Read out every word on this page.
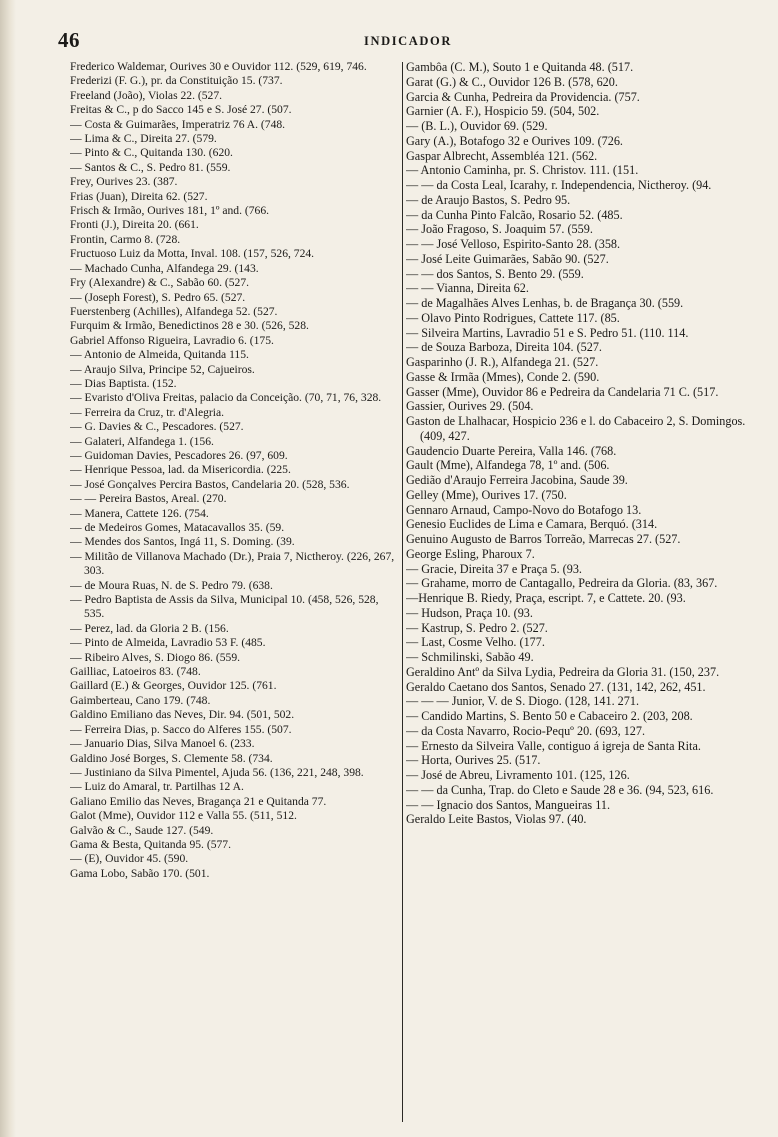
46	INDICADOR

Frederico Waldemar, Ourives 30 e Ouvidor 112. (529, 619, 746.

Frederizi (F. G.), pr. da Constituição 15. (737.

Freeland (João), Violas 22. (527.

Freitas & C., p do Sacco 145 e S. José 27. (507.

— Costa & Guimarães, Imperatriz 76 A. (748.

— Lima & C., Direita 27. (579.

— Pinto & C., Quitanda 130. (620.

— Santos & C., S. Pedro 81. (559.

Frey, Ourives 23. (387.

Frias (Juan), Direita 62. (527.

Frisch & Irmão, Ourives 181, 1º and. (766.

Fronti (J.), Direita 20. (661.

Frontin, Carmo 8. (728.

Fructuoso Luiz da Motta, Inval. 108. (157, 526, 724.

— Machado Cunha, Alfandega 29. (143.

Fry (Alexandre) & C., Sabão 60. (527.

— (Joseph Forest), S. Pedro 65. (527.

Fuerstenberg (Achilles), Alfandega 52. (527.

Furquim & Irmão, Benedictinos 28 e 30. (526, 528.

Gabriel Affonso Rigueira, Lavradio 6. (175.

— Antonio de Almeida, Quitanda 115.

— Araujo Silva, Principe 52, Cajueiros.

— Dias Baptista. (152.

— Evaristo d'Oliva Freitas, palacio da Conceição. (70, 71, 76, 328.

— Ferreira da Cruz, tr. d'Alegria.

— G. Davies & C., Pescadores. (527.

— Galateri, Alfandega 1. (156.

— Guidoman Davies, Pescadores 26. (97, 609.

— Henrique Pessoa, lad. da Misericordia. (225.

— José Gonçalves Percira Bastos, Candelaria 20. (528, 536.

— — Pereira Bastos, Areal. (270.

— Manera, Cattete 126. (754.

— de Medeiros Gomes, Matacavallos 35. (59.

— Mendes dos Santos, Ingá 11, S. Doming. (39.

— Militão de Villanova Machado (Dr.), Praia 7, Nictheroy. (226, 267, 303.

— de Moura Ruas, N. de S. Pedro 79. (638.

— Pedro Baptista de Assis da Silva, Municipal 10. (458, 526, 528, 535.

— Perez, lad. da Gloria 2 B. (156.

— Pinto de Almeida, Lavradio 53 F. (485.

— Ribeiro Alves, S. Diogo 86. (559.

Gailliac, Latoeiros 83. (748.

Gaillard (E.) & Georges, Ouvidor 125. (761.

Gaimberteau, Cano 179. (748.

Galdino Emiliano das Neves, Dir. 94. (501, 502.

— Ferreira Dias, p. Sacco do Alferes 155. (507.

— Januario Dias, Silva Manoel 6. (233.

Galdino José Borges, S. Clemente 58. (734.

— Justiniano da Silva Pimentel, Ajuda 56. (136, 221, 248, 398.

— Luiz do Amaral, tr. Partilhas 12 A.

Galiano Emilio das Neves, Bragança 21 e Quitanda 77.

Galot (Mme), Ouvidor 112 e Valla 55. (511, 512.

Galvão & C., Saude 127. (549.

Gama & Besta, Quitanda 95. (577.

— (E), Ouvidor 45. (590.

Gama Lobo, Sabão 170. (501.

Gambôa (C. M.), Souto 1 e Quitanda 48. (517.

Garat (G.) & C., Ouvidor 126 B. (578, 620.

Garcia & Cunha, Pedreira da Providencia. (757.

Garnier (A. F.), Hospicio 59. (504, 502.

— (B. L.), Ouvidor 69. (529.

Gary (A.), Botafogo 32 e Ourives 109. (726.

Gaspar Albrecht, Assembléa 121. (562.

— Antonio Caminha, pr. S. Christov. 111. (151.

— — da Costa Leal, Icarahy, r. Independencia, Nictheroy. (94.

— de Araujo Bastos, S. Pedro 95.

— da Cunha Pinto Falcão, Rosario 52. (485.

— João Fragoso, S. Joaquim 57. (559.

— — José Velloso, Espirito-Santo 28. (358.

— José Leite Guimarães, Sabão 90. (527.

— — dos Santos, S. Bento 29. (559.

— — Vianna, Direita 62.

— de Magalhães Alves Lenhas, b. de Bragança 30. (559.

— Olavo Pinto Rodrigues, Cattete 117. (85.

— Silveira Martins, Lavradio 51 e S. Pedro 51. (110. 114.

— de Souza Barboza, Direita 104. (527.

Gasparinho (J. R.), Alfandega 21. (527.

Gasse & Irmãa (Mmes), Conde 2. (590.

Gasser (Mme), Ouvidor 86 e Pedreira da Candelaria 71 C. (517.

Gassier, Ourives 29. (504.

Gaston de Lhalhacar, Hospicio 236 e l. do Cabaceiro 2, S. Domingos. (409, 427.

Gaudencio Duarte Pereira, Valla 146. (768.

Gault (Mme), Alfandega 78, 1º and. (506.

Gedião d'Araujo Ferreira Jacobina, Saude 39.

Gelley (Mme), Ourives 17. (750.

Gennaro Arnaud, Campo-Novo do Botafogo 13.

Genesio Euclides de Lima e Camara, Berquó. (314.

Genuino Augusto de Barros Torreão, Marrecas 27. (527.

George Esling, Pharoux 7.

— Gracie, Direita 37 e Praça 5. (93.

— Grahame, morro de Cantagallo, Pedreira da Gloria. (83, 367.

—Henrique B. Riedy, Praça, escript. 7, e Cattete. 20. (93.

— Hudson, Praça 10. (93.

— Kastrup, S. Pedro 2. (527.

— Last, Cosme Velho. (177.

— Schmilinski, Sabão 49.

Geraldino Antº da Silva Lydia, Pedreira da Gloria 31. (150, 237.

Geraldo Caetano dos Santos, Senado 27. (131, 142, 262, 451.

— — — Junior, V. de S. Diogo. (128, 141. 271.

— Candido Martins, S. Bento 50 e Cabaceiro 2. (203, 208.

— da Costa Navarro, Rocio-Pequº 20. (693, 127.

— Ernesto da Silveira Valle, contiguo á igreja de Santa Rita.

— Horta, Ourives 25. (517.

— José de Abreu, Livramento 101. (125, 126.

— — da Cunha, Trap. do Cleto e Saude 28 e 36. (94, 523, 616.

— — Ignacio dos Santos, Mangueiras 11.

Geraldo Leite Bastos, Violas 97. (40.
